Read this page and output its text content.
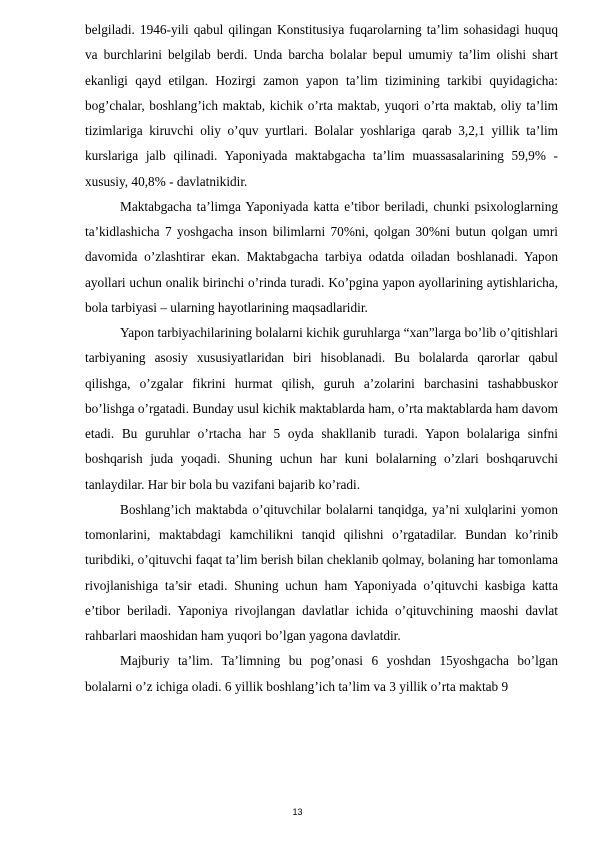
belgiladi. 1946-yili qabul qilingan Konstitusiya fuqarolarning ta’lim sohasidagi huquq va burchlarini belgilab berdi. Unda barcha bolalar bepul umumiy ta’lim olishi shart ekanligi qayd etilgan. Hozirgi zamon yapon ta’lim tizimining tarkibi quyidagicha: bog’chalar, boshlang’ich maktab, kichik o’rta maktab, yuqori o’rta maktab, oliy ta’lim tizimlariga kiruvchi oliy o’quv yurtlari. Bolalar yoshlariga qarab 3,2,1 yillik ta’lim kurslariga jalb qilinadi. Yaponiyada maktabgacha ta’lim muassasalarining 59,9% - xususiy, 40,8% - davlatnikidir.

Maktabgacha ta’limga Yaponiyada katta e’tibor beriladi, chunki psixologlarning ta’kidlashicha 7 yoshgacha inson bilimlarni 70%ni, qolgan 30%ni butun qolgan umri davomida o’zlashtirar ekan. Maktabgacha tarbiya odatda oiladan boshlanadi. Yapon ayollari uchun onalik birinchi o’rinda turadi. Ko’pgina yapon ayollarining aytishlaricha, bola tarbiyasi – ularning hayotlarining maqsadlaridir.

Yapon tarbiyachilarining bolalarni kichik guruhlarga “xan”larga bo’lib o’qitishlari tarbiyaning asosiy xususiyatlaridan biri hisoblanadi. Bu bolalarda qarorlar qabul qilishga, o’zgalar fikrini hurmat qilish, guruh a’zolarini barchasini tashabbuskor bo’lishga o’rgatadi. Bunday usul kichik maktablarda ham, o’rta maktablarda ham davom etadi. Bu guruhlar o’rtacha har 5 oyda shakllanib turadi. Yapon bolalariga sinfni boshqarish juda yoqadi. Shuning uchun har kuni bolalarning o’zlari boshqaruvchi tanlaydilar. Har bir bola bu vazifani bajarib ko’radi.

Boshlang’ich maktabda o’qituvchilar bolalarni tanqidga, ya’ni xulqlarini yomon tomonlarini, maktabdagi kamchilikni tanqid qilishni o’rgatadilar. Bundan ko’rinib turibdiki, o’qituvchi faqat ta’lim berish bilan cheklanib qolmay, bolaning har tomonlama rivojlanishiga ta’sir etadi. Shuning uchun ham Yaponiyada o’qituvchi kasbiga katta e’tibor beriladi. Yaponiya rivojlangan davlatlar ichida o’qituvchining maoshi davlat rahbarlari maoshidan ham yuqori bo’lgan yagona davlatdir.

Majburiy ta’lim. Ta’limning bu pog’onasi 6 yoshdan 15yoshgacha bo’lgan bolalarni o’z ichiga oladi. 6 yillik boshlang’ich ta’lim va 3 yillik o’rta maktab 9

13
